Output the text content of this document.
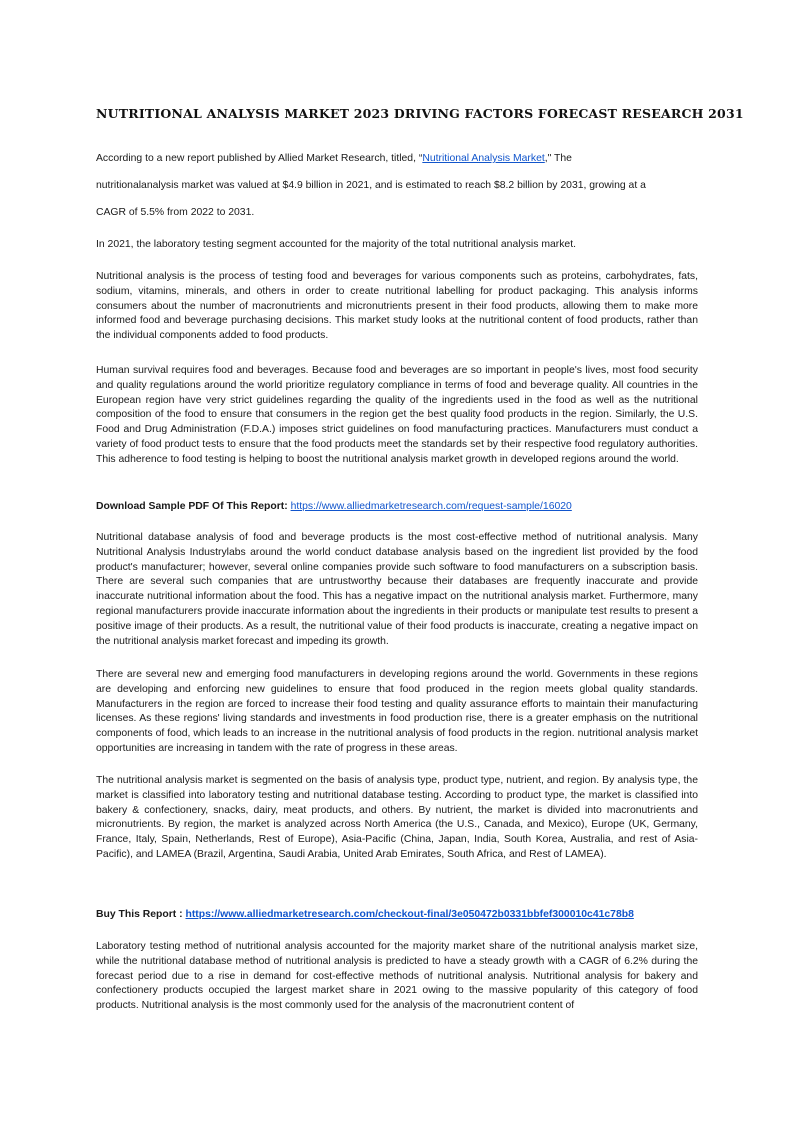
NUTRITIONAL ANALYSIS MARKET 2023 DRIVING FACTORS FORECAST RESEARCH 2031
According to a new report published by Allied Market Research, titled, “Nutritional Analysis Market," The
nutritionalanalysis market was valued at $4.9 billion in 2021, and is estimated to reach $8.2 billion by 2031, growing at a
CAGR of 5.5% from 2022 to 2031.
In 2021, the laboratory testing segment accounted for the majority of the total nutritional analysis market.
Nutritional analysis is the process of testing food and beverages for various components such as proteins, carbohydrates, fats, sodium, vitamins, minerals, and others in order to create nutritional labelling for product packaging. This analysis informs consumers about the number of macronutrients and micronutrients present in their food products, allowing them to make more informed food and beverage purchasing decisions. This market study looks at the nutritional content of food products, rather than the individual components added to food products.
Human survival requires food and beverages. Because food and beverages are so important in people's lives, most food security and quality regulations around the world prioritize regulatory compliance in terms of food and beverage quality. All countries in the European region have very strict guidelines regarding the quality of the ingredients used in the food as well as the nutritional composition of the food to ensure that consumers in the region get the best quality food products in the region. Similarly, the U.S. Food and Drug Administration (F.D.A.) imposes strict guidelines on food manufacturing practices. Manufacturers must conduct a variety of food product tests to ensure that the food products meet the standards set by their respective food regulatory authorities. This adherence to food testing is helping to boost the nutritional analysis market growth in developed regions around the world.
Download Sample PDF Of This Report: https://www.alliedmarketresearch.com/request-sample/16020
Nutritional database analysis of food and beverage products is the most cost-effective method of nutritional analysis. Many Nutritional Analysis Industrylabs around the world conduct database analysis based on the ingredient list provided by the food product's manufacturer; however, several online companies provide such software to food manufacturers on a subscription basis. There are several such companies that are untrustworthy because their databases are frequently inaccurate and provide inaccurate nutritional information about the food. This has a negative impact on the nutritional analysis market. Furthermore, many regional manufacturers provide inaccurate information about the ingredients in their products or manipulate test results to present a positive image of their products. As a result, the nutritional value of their food products is inaccurate, creating a negative impact on the nutritional analysis market forecast and impeding its growth.
There are several new and emerging food manufacturers in developing regions around the world. Governments in these regions are developing and enforcing new guidelines to ensure that food produced in the region meets global quality standards. Manufacturers in the region are forced to increase their food testing and quality assurance efforts to maintain their manufacturing licenses. As these regions' living standards and investments in food production rise, there is a greater emphasis on the nutritional components of food, which leads to an increase in the nutritional analysis of food products in the region. nutritional analysis market opportunities are increasing in tandem with the rate of progress in these areas.
The nutritional analysis market is segmented on the basis of analysis type, product type, nutrient, and region. By analysis type, the market is classified into laboratory testing and nutritional database testing. According to product type, the market is classified into bakery & confectionery, snacks, dairy, meat products, and others. By nutrient, the market is divided into macronutrients and micronutrients. By region, the market is analyzed across North America (the U.S., Canada, and Mexico), Europe (UK, Germany, France, Italy, Spain, Netherlands, Rest of Europe), Asia-Pacific (China, Japan, India, South Korea, Australia, and rest of Asia-Pacific), and LAMEA (Brazil, Argentina, Saudi Arabia, United Arab Emirates, South Africa, and Rest of LAMEA).
Buy This Report : https://www.alliedmarketresearch.com/checkout-final/3e050472b0331bbfef300010c41c78b8
Laboratory testing method of nutritional analysis accounted for the majority market share of the nutritional analysis market size, while the nutritional database method of nutritional analysis is predicted to have a steady growth with a CAGR of 6.2% during the forecast period due to a rise in demand for cost-effective methods of nutritional analysis. Nutritional analysis for bakery and confectionery products occupied the largest market share in 2021 owing to the massive popularity of this category of food products. Nutritional analysis is the most commonly used for the analysis of the macronutrient content of
